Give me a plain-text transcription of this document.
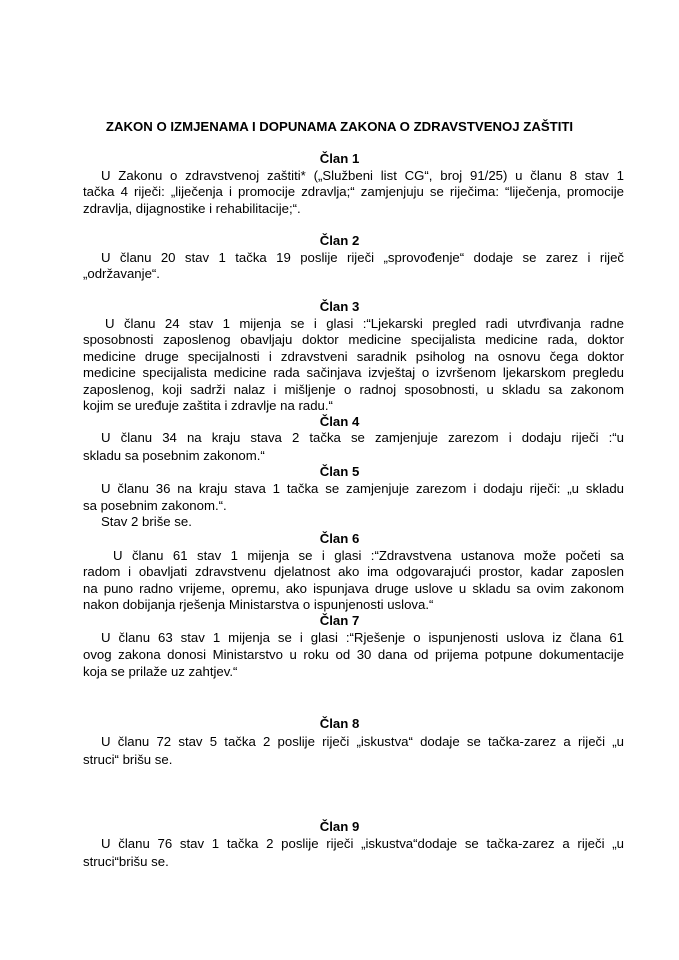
ZAKON O IZMJENAMA I DOPUNAMA ZAKONA O ZDRAVSTVENOJ ZAŠTITI
Član 1
U Zakonu o zdravstvenoj zaštiti* („Službeni list CG“, broj 91/25) u članu 8 stav 1
tačka 4 riječi: „liječenja i promocije zdravlja;“ zamjenjuju se riječima: “liječenja, promocije
zdravlja, dijagnostike i rehabilitacije;“.
Član 2
U članu 20 stav 1 tačka 19 poslije riječi „sprovođenje“ dodaje se zarez i riječ
„održavanje“.
Član 3
U članu 24 stav 1 mijenja se i glasi :“Ljekarski pregled radi utvrđivanja radne
sposobnosti zaposlenog obavljaju doktor medicine specijalista medicine rada, doktor
medicine druge specijalnosti i zdravstveni saradnik psiholog na osnovu čega doktor
medicine specijalista medicine rada sačinjava izvještaj o izvršenom ljekarskom pregledu
zaposlenog, koji sadrži nalaz i mišljenje o radnoj sposobnosti, u skladu sa zakonom
kojim se uređuje zaštita i zdravlje na radu.“
Član 4
U članu 34 na kraju stava 2 tačka se zamjenjuje zarezom i dodaju riječi :“u
skladu sa posebnim zakonom.“
Član 5
U članu 36 na kraju stava 1 tačka se zamjenjuje zarezom i dodaju riječi: „u skladu
sa posebnim zakonom.“.
Stav 2 briše se.
Član 6
U članu 61 stav 1 mijenja se i glasi :“Zdravstvena ustanova može početi sa
radom i obavljati zdravstvenu djelatnost ako ima odgovarajući prostor, kadar zaposlen
na puno radno vrijeme, opremu, ako ispunjava druge uslove u skladu sa ovim zakonom
nakon dobijanja rješenja Ministarstva o ispunjenosti uslova.“
Član 7
U članu 63 stav 1 mijenja se i glasi :“Rješenje o ispunjenosti uslova iz člana 61
ovog zakona donosi Ministarstvo u roku od 30 dana od prijema potpune dokumentacije
koja se prilaže uz zahtjev.“
Član 8
U članu 72 stav 5 tačka 2 poslije riječi „iskustva“ dodaje se tačka-zarez a riječi „u
struci“ brišu se.
Član 9
U članu 76 stav 1 tačka 2 poslije riječi „iskustva“dodaje se tačka-zarez a riječi „u
struci“brišu se.
